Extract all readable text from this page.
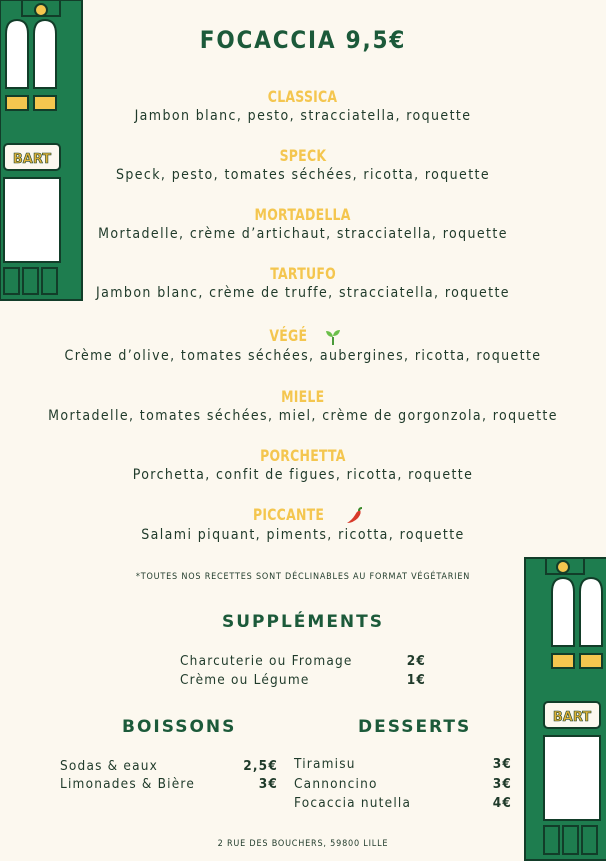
BART
BART
FOCACCIA 9,5€
CLASSICA
Jambon blanc, pesto, stracciatella, roquette
SPECK
Speck, pesto, tomates séchées, ricotta, roquette
MORTADELLA
Mortadelle, crème d’artichaut, stracciatella, roquette
TARTUFO
Jambon blanc, crème de truffe, stracciatella, roquette
VÉGÉ
Crème d’olive, tomates séchées, aubergines, ricotta, roquette
MIELE
Mortadelle, tomates séchées, miel, crème de gorgonzola, roquette
PORCHETTA
Porchetta, confit de figues, ricotta, roquette
PICCANTE
Salami piquant, piments, ricotta, roquette
*TOUTES NOS RECETTES SONT DÉCLINABLES AU FORMAT VÉGÉTARIEN
SUPPLÉMENTS
Charcuterie ou Fromage	2€
Crème ou Légume	1€
BOISSONS
Sodas & eaux	2,5€
Limonades & Bière	3€
DESSERTS
Tiramisu	3€
Cannoncino	3€
Focaccia nutella	4€
2 RUE DES BOUCHERS, 59800 LILLE
